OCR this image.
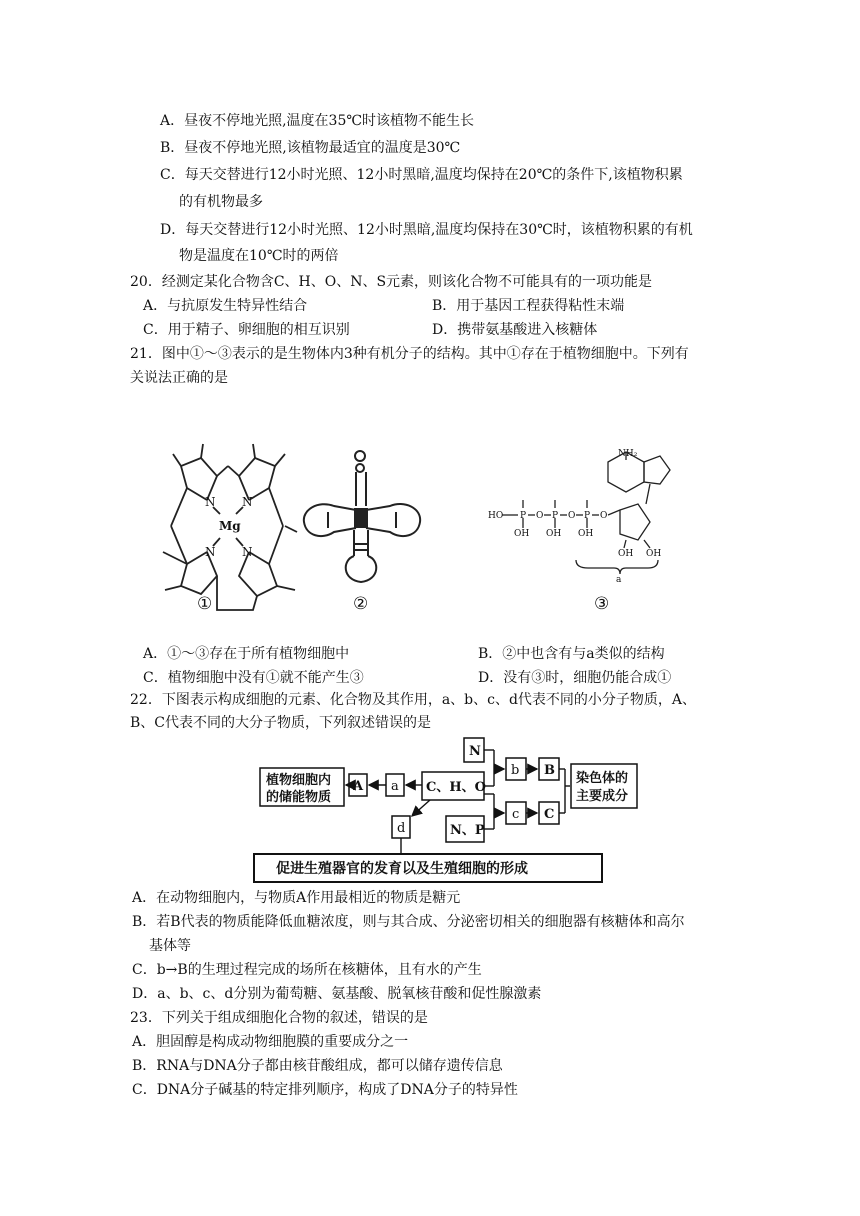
A．昼夜不停地光照,温度在35℃时该植物不能生长
B．昼夜不停地光照,该植物最适宜的温度是30℃
C．每天交替进行12小时光照、12小时黑暗,温度均保持在20℃的条件下,该植物积累
的有机物最多
D．每天交替进行12小时光照、12小时黑暗,温度均保持在30℃时，该植物积累的有机
物是温度在10℃时的两倍
20．经测定某化合物含C、H、O、N、S元素，则该化合物不可能具有的一项功能是
A．与抗原发生特异性结合	B．用于基因工程获得粘性末端
C．用于精子、卵细胞的相互识别	D．携带氨基酸进入核糖体
21．图中①～③表示的是生物体内3种有机分子的结构。其中①存在于植物细胞中。下列有
关说法正确的是
N N
N N
Mg
①	②
HO P O P O P O
OH OH OH
NH₂
OH OH
a
③
A．①～③存在于所有植物细胞中	B．②中也含有与a类似的结构
C．植物细胞中没有①就不能产生③	D．没有③时，细胞仍能合成①
22．下图表示构成细胞的元素、化合物及其作用，a、b、c、d代表不同的小分子物质，A、
B、C代表不同的大分子物质，下列叙述错误的是
植物细胞内
的储能物质
A a C、H、O
N
b B
c C
N、P
染色体的
主要成分
d
促进生殖器官的发育以及生殖细胞的形成
A．在动物细胞内，与物质A作用最相近的物质是糖元
B．若B代表的物质能降低血糖浓度，则与其合成、分泌密切相关的细胞器有核糖体和高尔
基体等
C．b→B的生理过程完成的场所在核糖体，且有水的产生
D．a、b、c、d分别为葡萄糖、氨基酸、脱氧核苷酸和促性腺激素
23．下列关于组成细胞化合物的叙述，错误的是
A．胆固醇是构成动物细胞膜的重要成分之一
B．RNA与DNA分子都由核苷酸组成，都可以储存遗传信息
C．DNA分子碱基的特定排列顺序，构成了DNA分子的特异性
